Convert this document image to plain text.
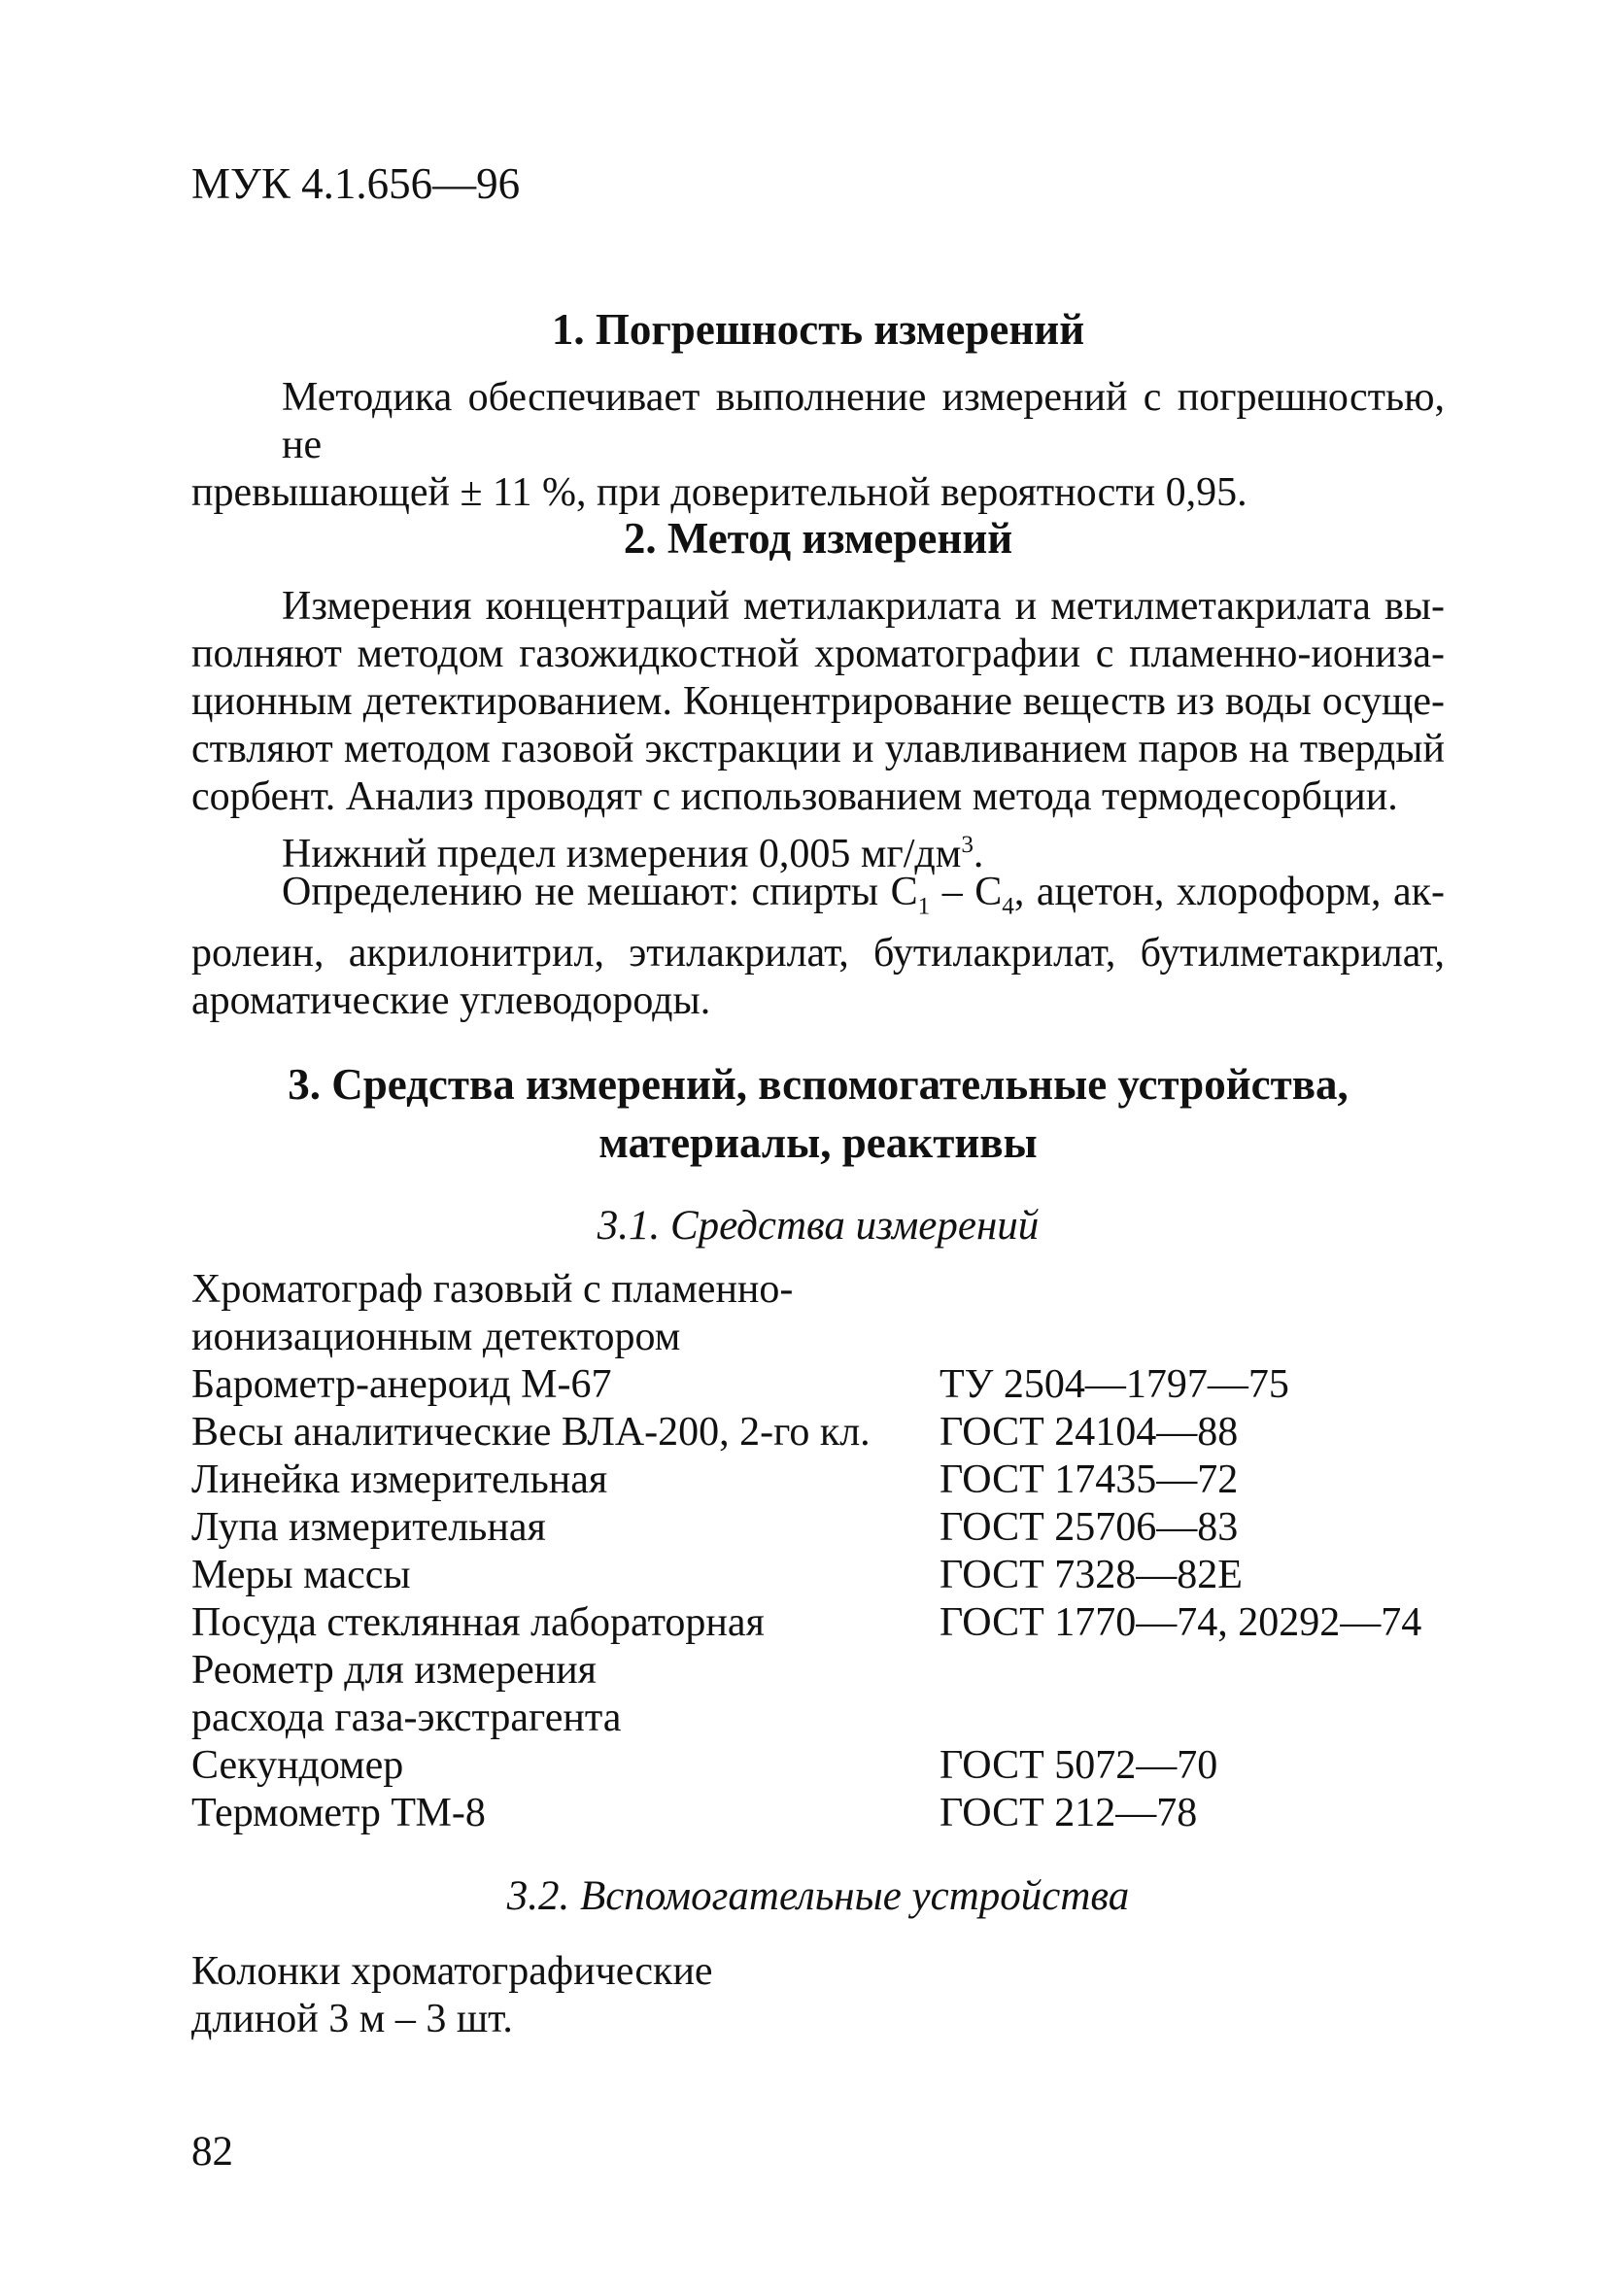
МУК 4.1.656—96
1. Погрешность измерений
Методика обеспечивает выполнение измерений с погрешностью, не
превышающей ± 11 %, при доверительной вероятности 0,95.
2. Метод измерений
Измерения концентраций метилакрилата и метилметакрилата вы-
полняют методом газожидкостной хроматографии с пламенно-иониза-
ционным детектированием. Концентрирование веществ из воды осуще-
ствляют методом газовой экстракции и улавливанием паров на твердый
сорбент. Анализ проводят с использованием метода термодесорбции.
Нижний предел измерения 0,005 $мг/дм^3$.
Определению не мешают: спирты $С_1 - С_4$, ацетон, хлороформ, ак-
ролеин, акрилонитрил, этилакрилат, бутилакрилат, бутилметакрилат,
ароматические углеводороды.
3. Средства измерений, вспомогательные устройства,
материалы, реактивы
3.1. Средства измерений
Хроматограф газовый с пламенно-
ионизационным детектором
Барометр-анероид М-67	ТУ 2504—1797—75
Весы аналитические ВЛА-200, 2-го кл. ГОСТ 24104—88
Линейка измерительная	ГОСТ 17435—72
Лупа измерительная	ГОСТ 25706—83
Меры массы	ГОСТ 7328—82Е
Посуда стеклянная лабораторная	ГОСТ 1770—74, 20292—74
Реометр для измерения
расхода газа-экстрагента
Секундомер	ГОСТ 5072—70
Термометр ТМ-8	ГОСТ 212—78
3.2. Вспомогательные устройства
Колонки хроматографические
длиной 3 м – 3 шт.
82
